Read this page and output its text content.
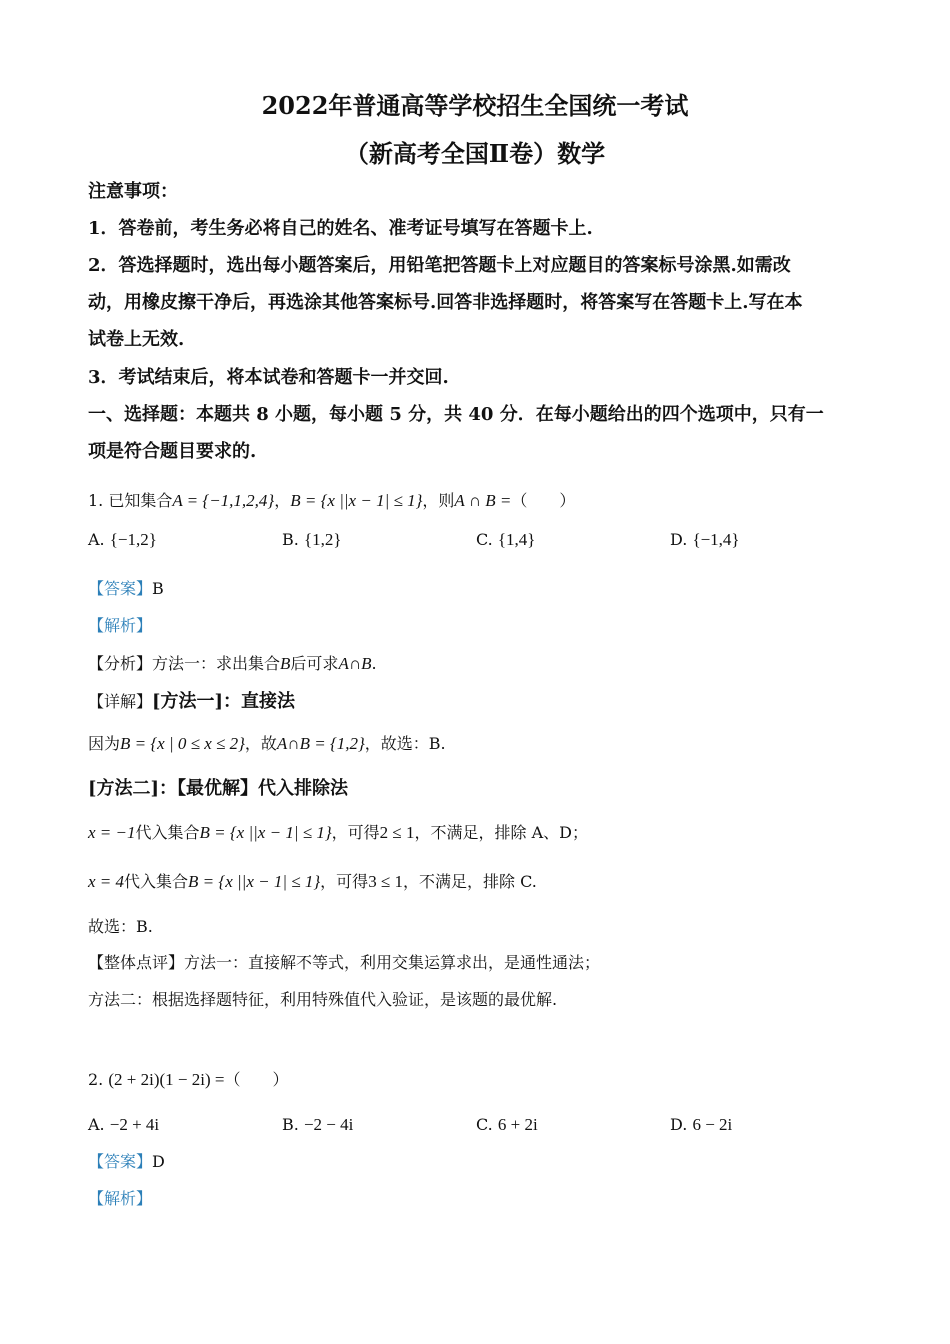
2022年普通高等学校招生全国统一考试
（新高考全国Ⅱ卷）数学
注意事项：
1．答卷前，考生务必将自己的姓名、准考证号填写在答题卡上.
2．答选择题时，选出每小题答案后，用铅笔把答题卡上对应题目的答案标号涂黑.如需改
动，用橡皮擦干净后，再选涂其他答案标号.回答非选择题时，将答案写在答题卡上.写在本
试卷上无效.
3．考试结束后，将本试卷和答题卡一并交回.
一、选择题：本题共 8 小题，每小题 5 分，共 40 分．在每小题给出的四个选项中，只有一
项是符合题目要求的.
1. 已知集合A = {−1,1,2,4}，B = {x ||x − 1| ≤ 1}，则A ∩ B =（　　）
A. {−1,2}	B. {1,2}	C. {1,4}	D. {−1,4}
【答案】B
【解析】
【分析】方法一：求出集合B后可求A∩B.
【详解】[方法一]：直接法
因为B = {x | 0 ≤ x ≤ 2}，故A∩B = {1,2}，故选：B.
[方法二]：【最优解】代入排除法
x = −1代入集合B = {x ||x − 1| ≤ 1}，可得2 ≤ 1，不满足，排除 A、D；
x = 4代入集合B = {x ||x − 1| ≤ 1}，可得3 ≤ 1，不满足，排除 C.
故选：B.
【整体点评】方法一：直接解不等式，利用交集运算求出，是通性通法；
方法二：根据选择题特征，利用特殊值代入验证，是该题的最优解.
2. (2 + 2i)(1 − 2i) =（　　）
A. −2 + 4i	B. −2 − 4i	C. 6 + 2i	D. 6 − 2i
【答案】D
【解析】
